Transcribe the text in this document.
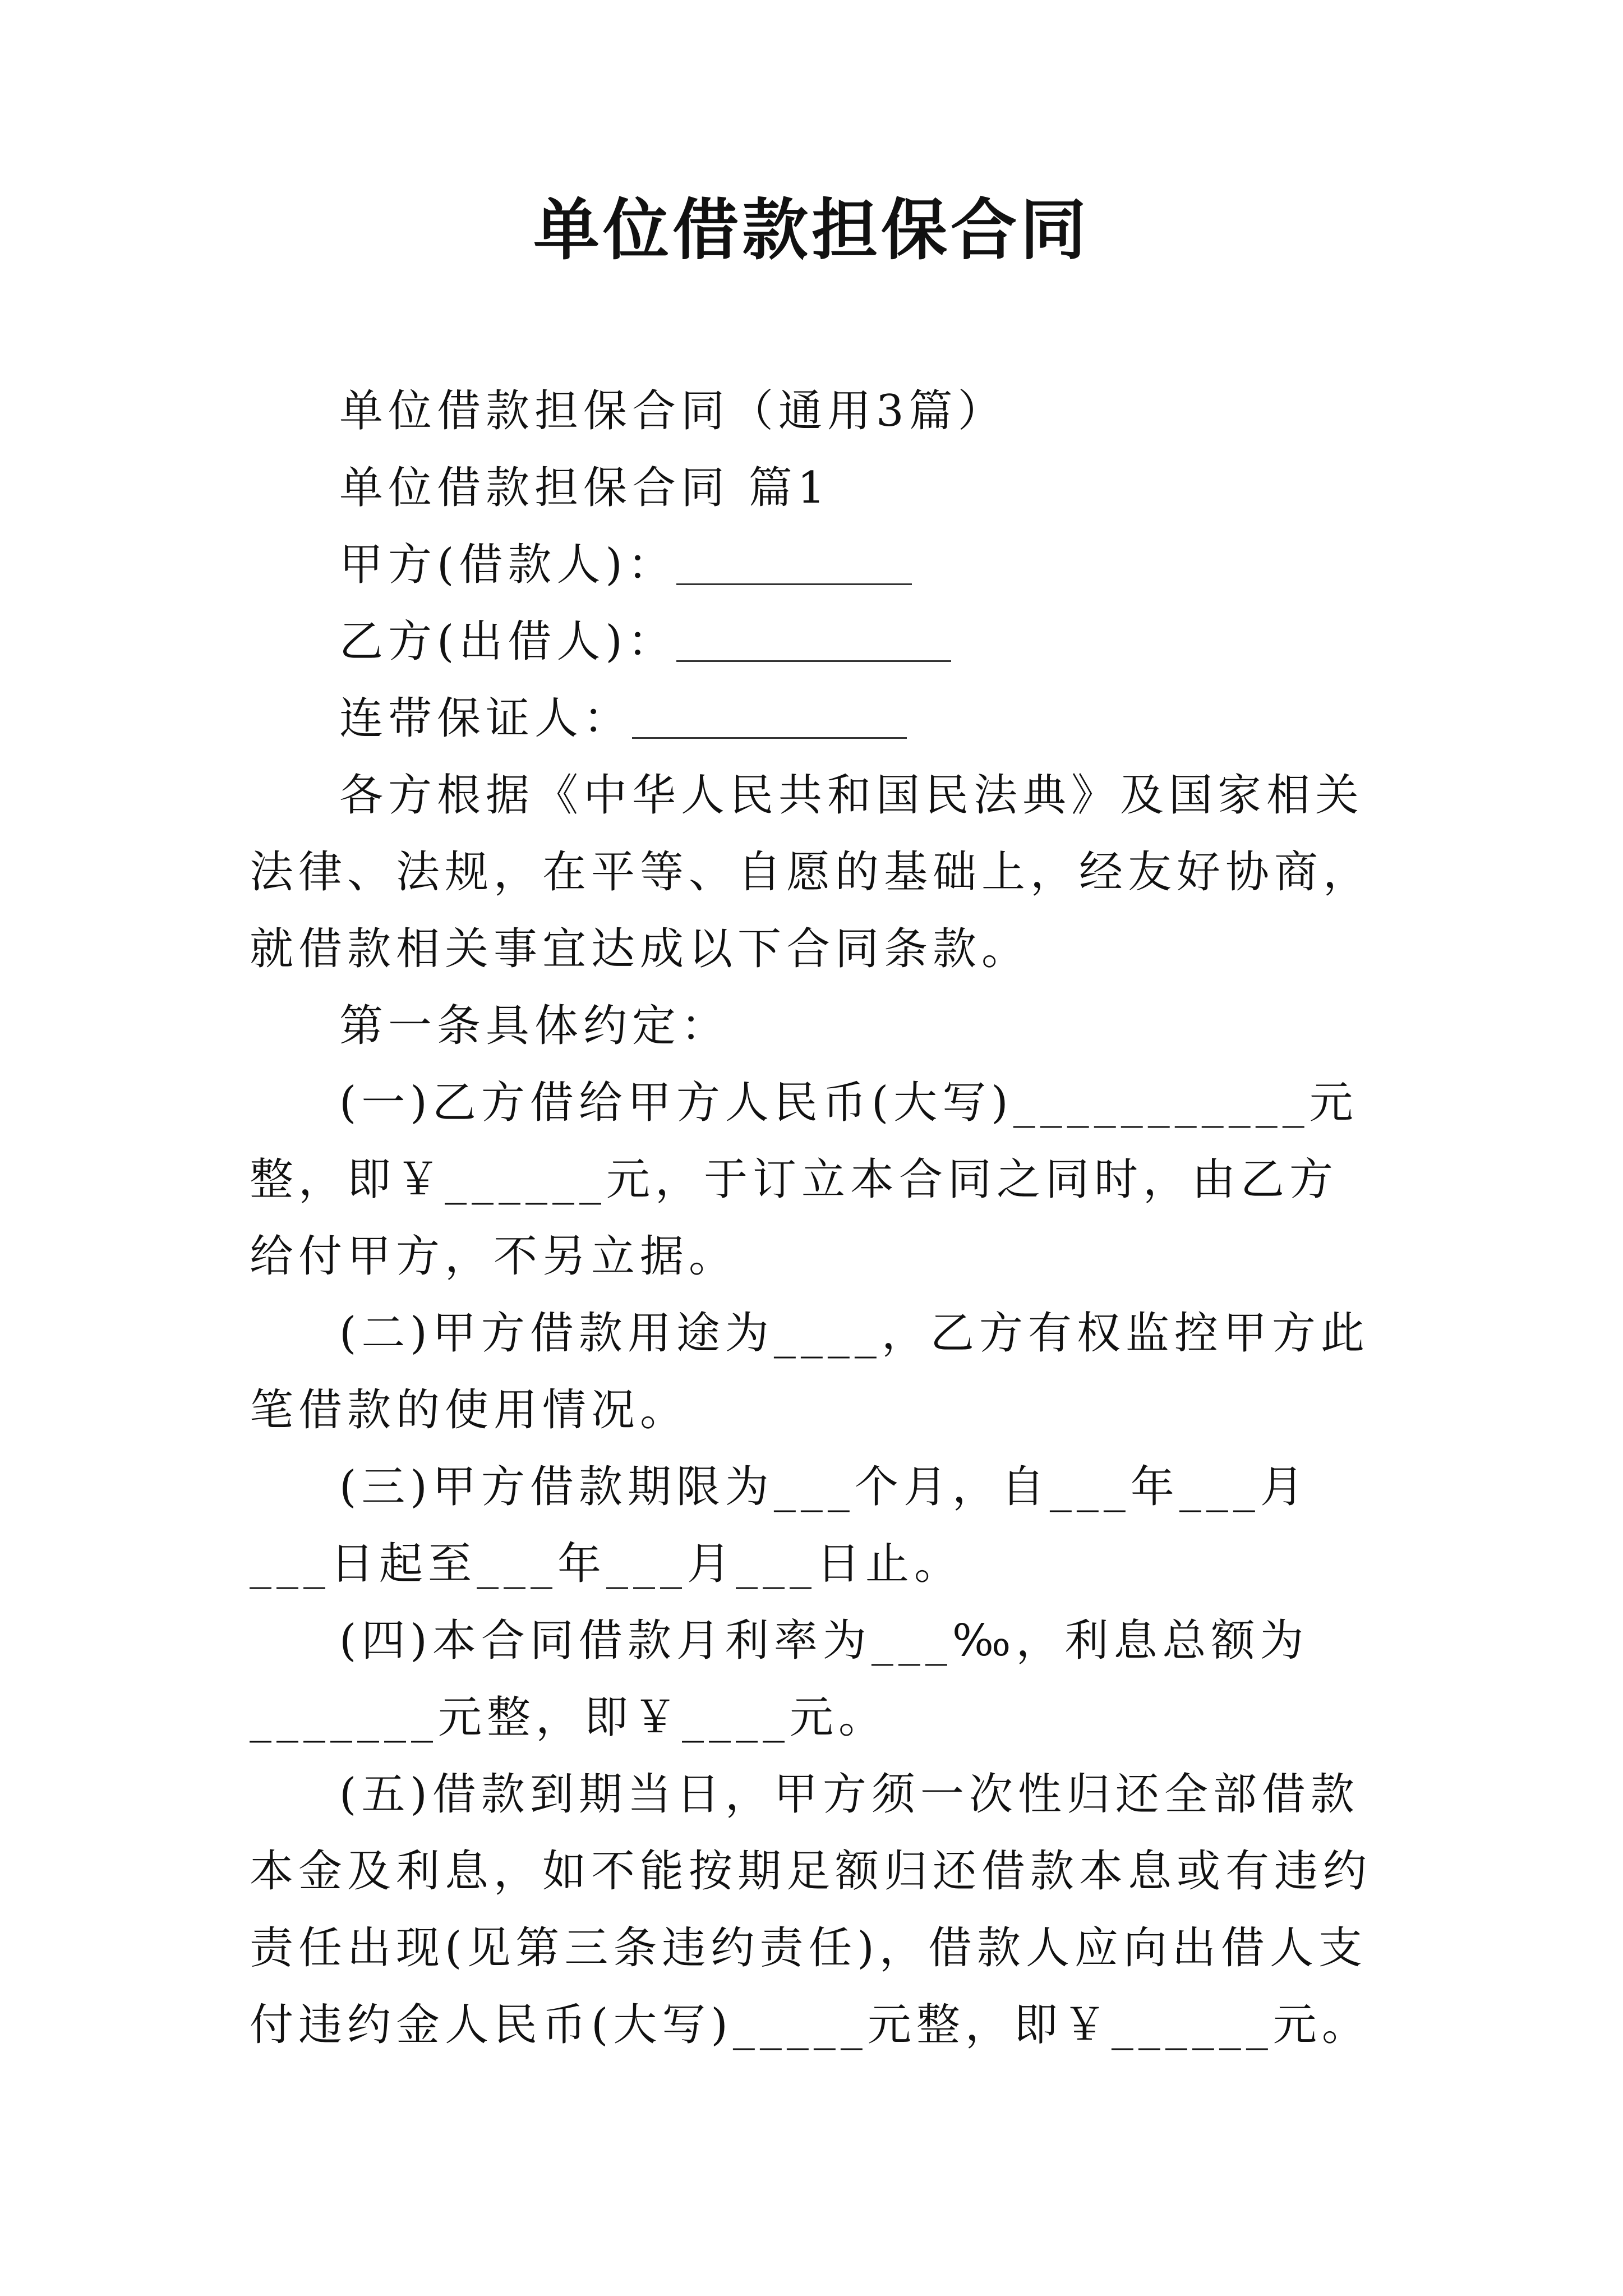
单位借款担保合同

单位借款担保合同（通用3篇）

单位借款担保合同 篇1

甲方(借款人)：

乙方(出借人)：

连带保证人：

各方根据《中华人民共和国民法典》及国家相关法律、法规，在平等、自愿的基础上，经友好协商，就借款相关事宜达成以下合同条款。

第一条具体约定：

(一)乙方借给甲方人民币(大写)___________元整，即￥______元，于订立本合同之同时，由乙方给付甲方，不另立据。

(二)甲方借款用途为____，乙方有权监控甲方此笔借款的使用情况。

(三)甲方借款期限为___个月，自___年___月___日起至___年___月___日止。

(四)本合同借款月利率为___‰，利息总额为_______元整，即￥____元。

(五)借款到期当日，甲方须一次性归还全部借款本金及利息，如不能按期足额归还借款本息或有违约责任出现(见第三条违约责任)，借款人应向出借人支付违约金人民币(大写)_____元整，即￥______元。
